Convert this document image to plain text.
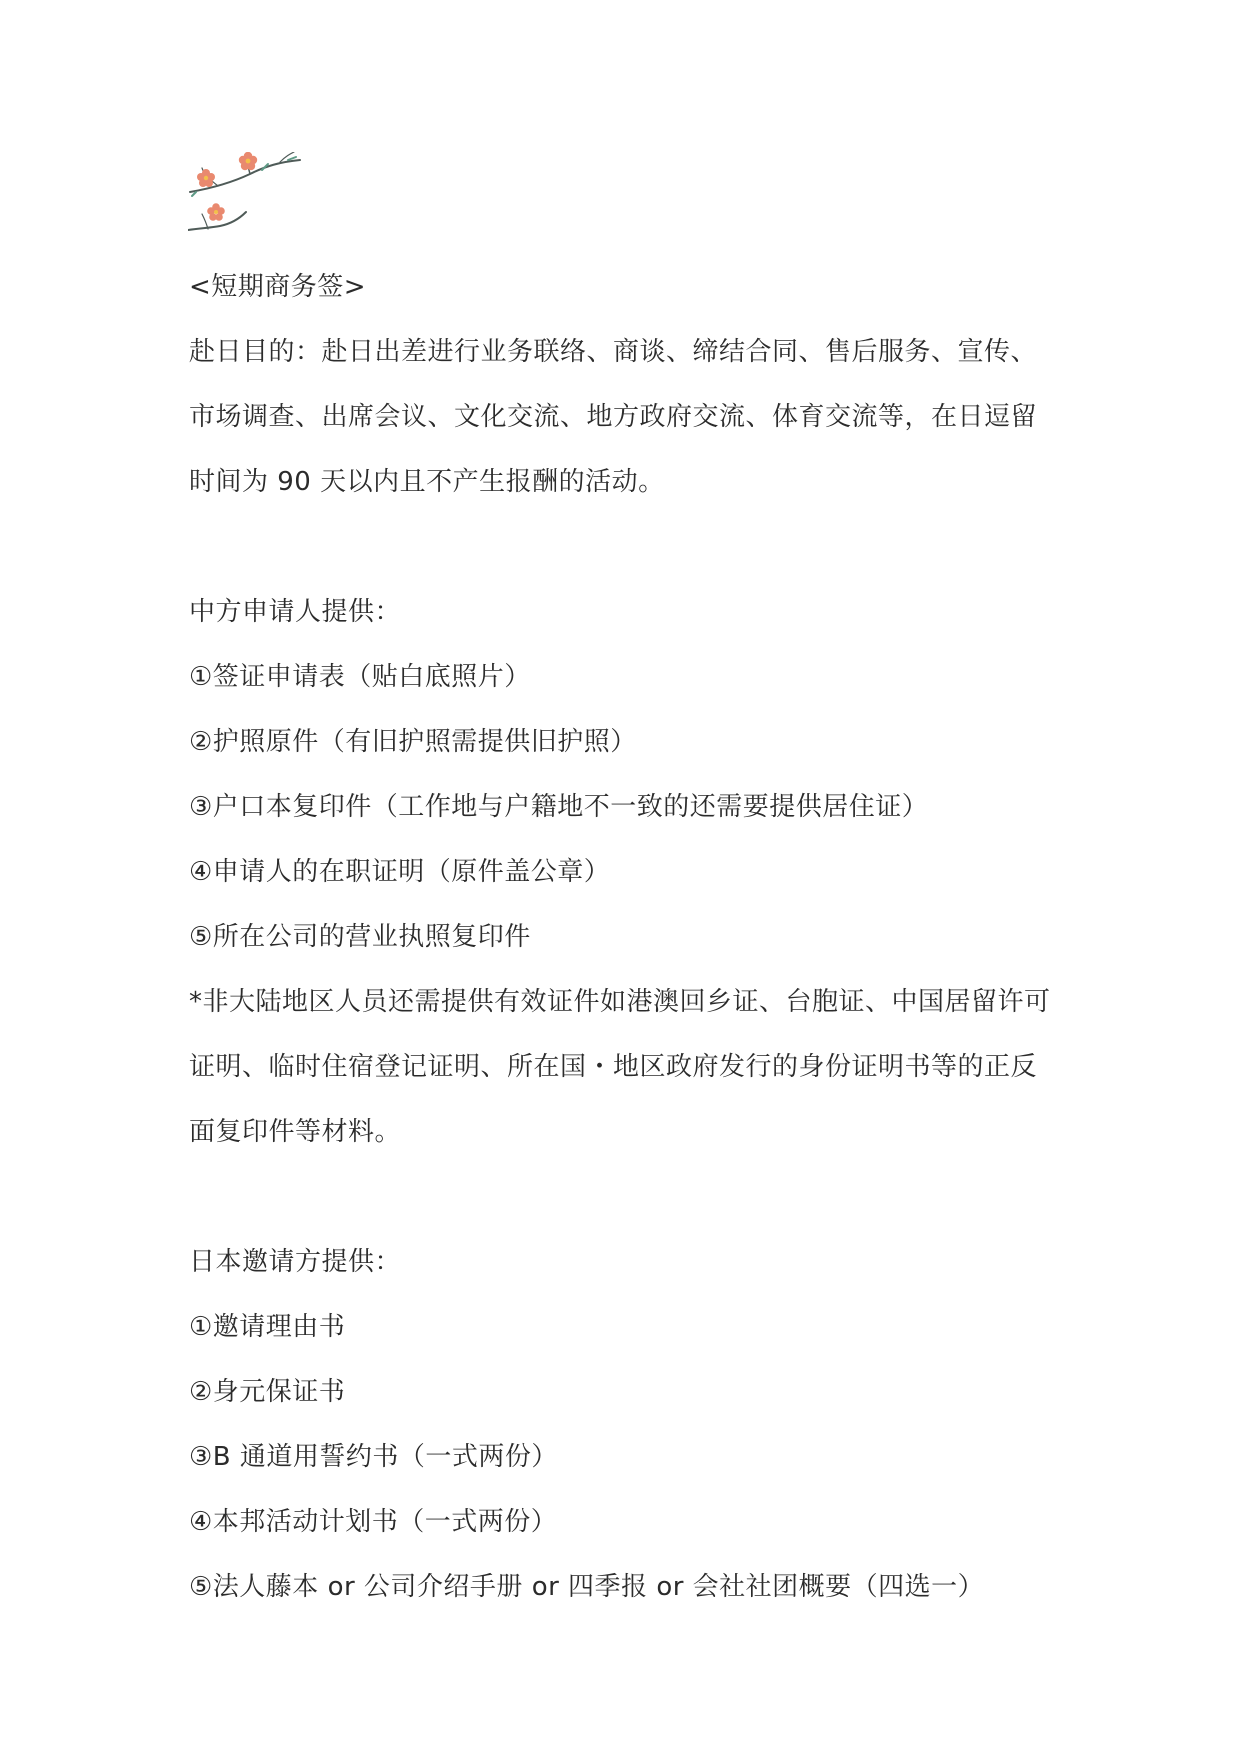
<短期商务签>
赴日目的：赴日出差进行业务联络、商谈、缔结合同、售后服务、宣传、
市场调查、出席会议、文化交流、地方政府交流、体育交流等，在日逗留
时间为 90 天以内且不产生报酬的活动。
中方申请人提供：
①签证申请表（贴白底照片）
②护照原件（有旧护照需提供旧护照）
③户口本复印件（工作地与户籍地不一致的还需要提供居住证）
④申请人的在职证明（原件盖公章）
⑤所在公司的营业执照复印件
*非大陆地区人员还需提供有效证件如港澳回乡证、台胞证、中国居留许可
证明、临时住宿登记证明、所在国・地区政府发行的身份证明书等的正反
面复印件等材料。
日本邀请方提供：
①邀请理由书
②身元保证书
③B 通道用誓约书（一式两份）
④本邦活动计划书（一式两份）
⑤法人藤本 or 公司介绍手册 or 四季报 or 会社社团概要（四选一）
